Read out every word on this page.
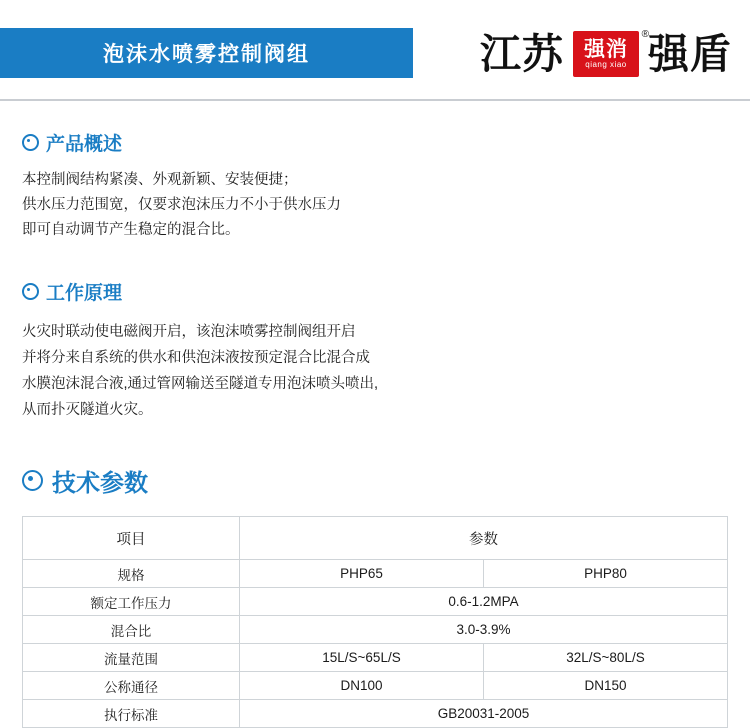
泡沫水喷雾控制阀组	江苏 强消
qiang xiao
® 强盾
产品概述

本控制阀结构紧凑、外观新颖、安装便捷；

供水压力范围宽，仅要求泡沫压力不小于供水压力

即可自动调节产生稳定的混合比。

工作原理

火灾时联动使电磁阀开启，该泡沫喷雾控制阀组开启

并将分来自系统的供水和供泡沫液按预定混合比混合成

水膜泡沫混合液,通过管网输送至隧道专用泡沫喷头喷出,

从而扑灭隧道火灾。

技术参数
项目	参数	
规格	PHP65	PHP80
额定工作压力	0.6-1.2MPA	
混合比	3.0-3.9%	
流量范围	15L/S~65L/S	32L/S~80L/S
公称通径	DN100	DN150
执行标准	GB20031-2005	
